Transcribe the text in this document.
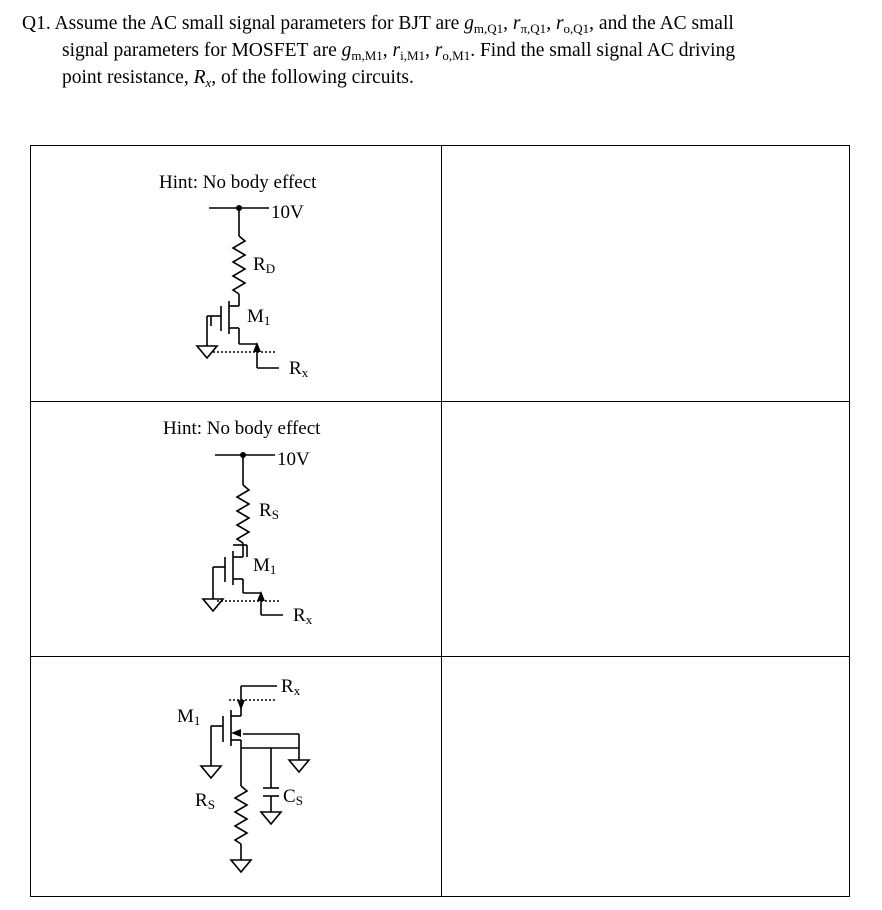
Q1. Assume the AC small signal parameters for BJT are $g_{m,Q1}$, $r_{\pi,Q1}$, $r_{o,Q1}$, and the AC small
signal parameters for MOSFET are $g_{m,M1}$, $r_{i,M1}$, $r_{o,M1}$. Find the small signal AC driving
point resistance, $R_x$, of the following circuits.
Hint: No body effect
10V
RD
M1
Rx
Hint: No body effect
10V
RS
M1
Rx
Rx
M1
RS	CS
